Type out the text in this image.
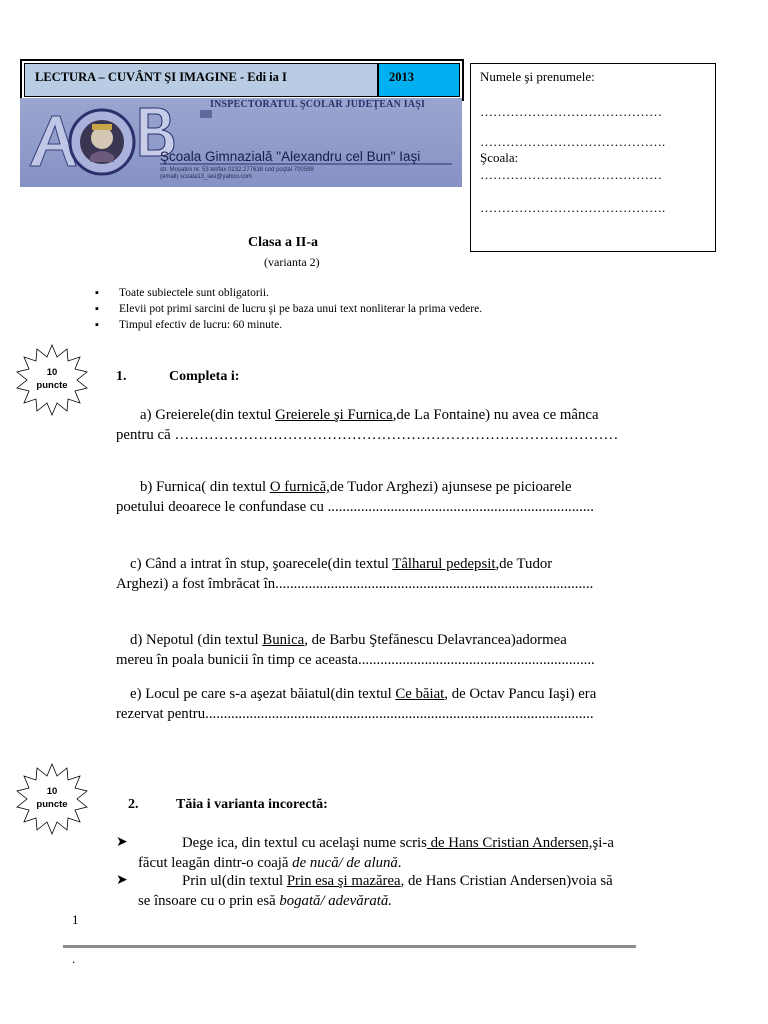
LECTURA – CUVÂNT ŞI IMAGINE - Edi ia I	2013
INSPECTORATUL ŞCOLAR JUDEŢEAN IAŞI
Şcoala Gimnazială "Alexandru cel Bun" Iaşi
str. Moşatini nr. 53 tel/fax 0232.277638 cod poştal 700599
(email) scoala13_iasi@yahoo.com
Numele şi prenumele:
……………………………………
…………………………………….
Şcoala:
……………………………………
…………………………………….
Clasa a II-a
(varianta 2)
▪ Toate subiectele sunt obligatorii.
▪ Elevii pot primi sarcini de lucru şi pe baza unui text nonliterar la prima vedere.
▪ Timpul efectiv de lucru: 60 minute.
10
puncte
1.	Completa i:
a) Greierele(din textul Greierele şi Furnica,de La Fontaine) nu avea ce mânca
pentru că ………………………………………………………………………………
b) Furnica( din textul O furnică,de Tudor Arghezi) ajunsese pe picioarele
poetului deoarece le confundase cu ........................................................................
c) Când a intrat în stup, şoarecele(din textul Tâlharul pedepsit,de Tudor
Arghezi) a fost îmbrăcat în......................................................................................
d) Nepotul (din textul Bunica, de Barbu Ştefănescu Delavrancea)adormea
mereu în poala bunicii în timp ce aceasta................................................................
e) Locul pe care s-a aşezat băiatul(din textul Ce băiat, de Octav Pancu Iaşi) era
rezervat pentru.........................................................................................................
10
puncte	2.	Tăia i varianta incorectă:
➤	Dege ica, din textul cu acelaşi nume scris de Hans Cristian Andersen,şi-a
făcut leagăn dintr-o coajă de nucă/ de alună.
➤	Prin ul(din textul Prin esa şi mazărea, de Hans Cristian Andersen)voia să
se însoare cu o prin esă bogată/ adevărată.
1
.
